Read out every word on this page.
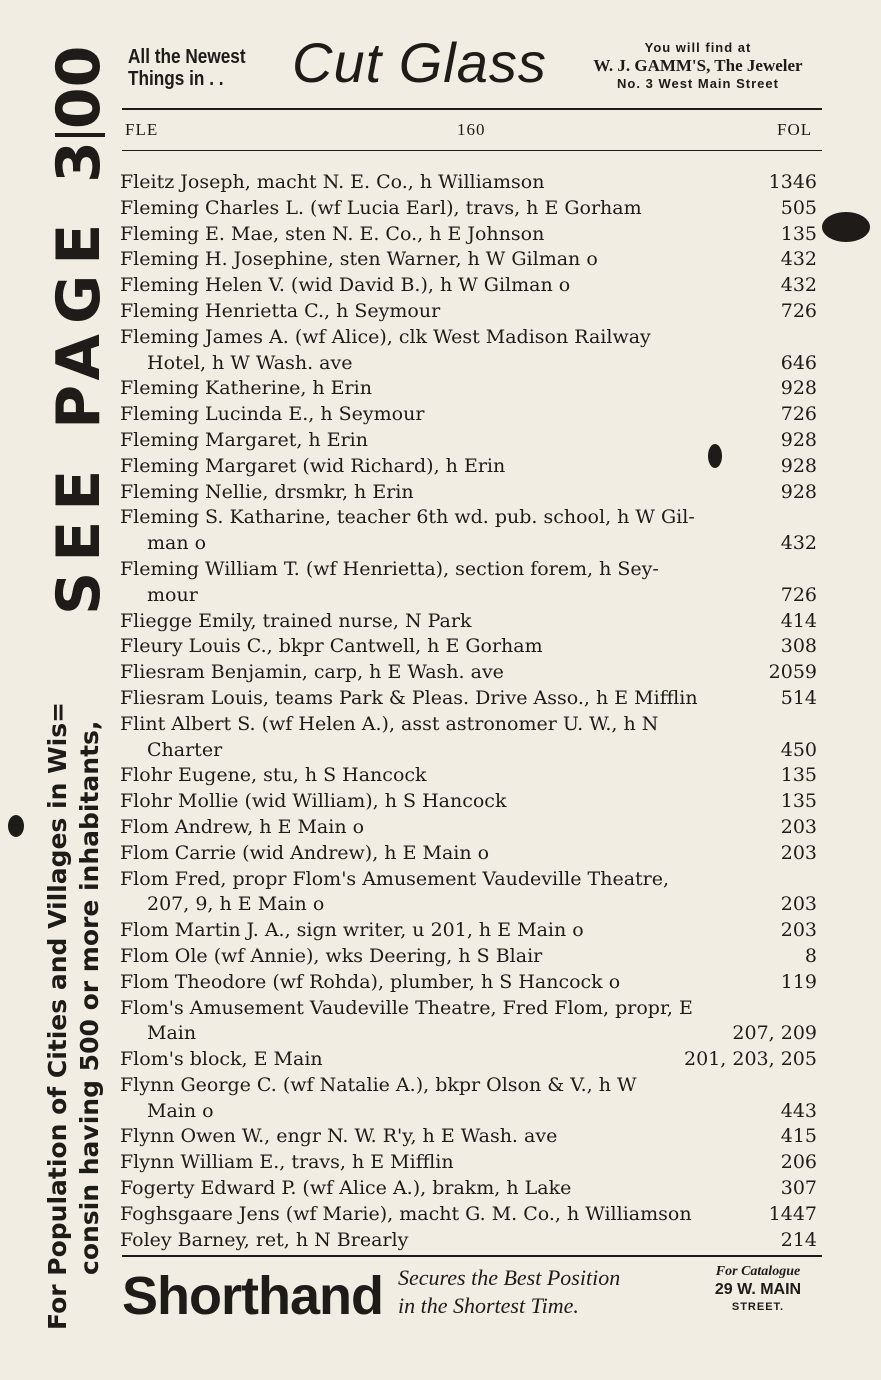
SEE PAGE 300
For Population of Cities and Villages in Wis= consin having 500 or more inhabitants,
All the Newest
Things in . .	Cut Glass	You will find at
W. J. GAMM'S, The Jeweler
No. 3 West Main Street
FLE	160	FOL
Fleitz Joseph, macht N. E. Co., h Williamson	1346
Fleming Charles L. (wf Lucia Earl), travs, h E Gorham	505
Fleming E. Mae, sten N. E. Co., h E Johnson	135
Fleming H. Josephine, sten Warner, h W Gilman o	432
Fleming Helen V. (wid David B.), h W Gilman o	432
Fleming Henrietta C., h Seymour	726
Fleming James A. (wf Alice), clk West Madison Railway
Hotel, h W Wash. ave	646
Fleming Katherine, h Erin	928
Fleming Lucinda E., h Seymour	726
Fleming Margaret, h Erin	928
Fleming Margaret (wid Richard), h Erin	928
Fleming Nellie, drsmkr, h Erin	928
Fleming S. Katharine, teacher 6th wd. pub. school, h W Gil-
man o	432
Fleming William T. (wf Henrietta), section forem, h Sey-
mour	726
Fliegge Emily, trained nurse, N Park	414
Fleury Louis C., bkpr Cantwell, h E Gorham	308
Fliesram Benjamin, carp, h E Wash. ave	2059
Fliesram Louis, teams Park & Pleas. Drive Asso., h E Mifflin	514
Flint Albert S. (wf Helen A.), asst astronomer U. W., h N
Charter	450
Flohr Eugene, stu, h S Hancock	135
Flohr Mollie (wid William), h S Hancock	135
Flom Andrew, h E Main o	203
Flom Carrie (wid Andrew), h E Main o	203
Flom Fred, propr Flom's Amusement Vaudeville Theatre,
207, 9, h E Main o	203
Flom Martin J. A., sign writer, u 201, h E Main o	203
Flom Ole (wf Annie), wks Deering, h S Blair	8
Flom Theodore (wf Rohda), plumber, h S Hancock o	119
Flom's Amusement Vaudeville Theatre, Fred Flom, propr, E
Main	207, 209
Flom's block, E Main	201, 203, 205
Flynn George C. (wf Natalie A.), bkpr Olson & V., h W
Main o	443
Flynn Owen W., engr N. W. R'y, h E Wash. ave	415
Flynn William E., travs, h E Mifflin	206
Fogerty Edward P. (wf Alice A.), brakm, h Lake	307
Foghsgaare Jens (wf Marie), macht G. M. Co., h Williamson	1447
Foley Barney, ret, h N Brearly	214
Shorthand Secures the Best Position
in the Shortest Time.
For Catalogue
29 W. MAIN
STREET.
